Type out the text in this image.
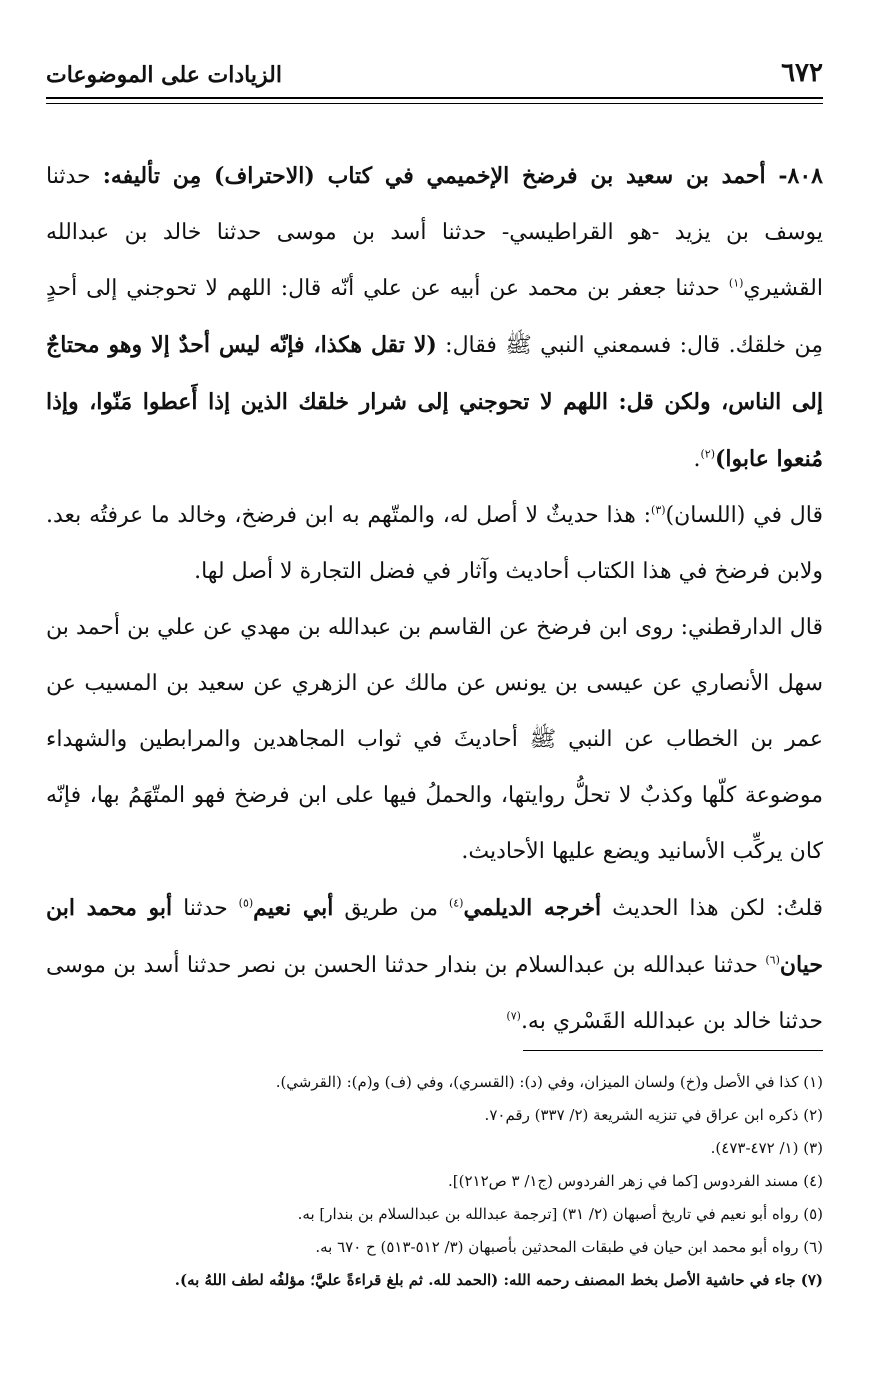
٦٧٢
الزيادات على الموضوعات

٨٠٨- أحمد بن سعيد بن فرضخ الإخميمي في كتاب (الاحتراف) مِن تأليفه: حدثنا يوسف بن يزيد -هو القراطيسي- حدثنا أسد بن موسى حدثنا خالد بن عبدالله القشيري$^{(١)}$ حدثنا جعفر بن محمد عن أبيه عن علي أنّه قال: اللهم لا تحوجني إلى أحدٍ مِن خلقك. قال: فسمعني النبي ﷺ فقال: (لا تقل هكذا، فإنّه ليس أحدٌ إلا وهو محتاجٌ إلى الناس، ولكن قل: اللهم لا تحوجني إلى شرار خلقك الذين إذا أَعطوا مَنّوا، وإذا مُنعوا عابوا)$^{(٢)}$.

قال في (اللسان)$^{(٣)}$: هذا حديثٌ لا أصل له، والمتّهم به ابن فرضخ، وخالد ما عرفتُه بعد. ولابن فرضخ في هذا الكتاب أحاديث وآثار في فضل التجارة لا أصل لها.

قال الدارقطني: روى ابن فرضخ عن القاسم بن عبدالله بن مهدي عن علي بن أحمد بن سهل الأنصاري عن عيسى بن يونس عن مالك عن الزهري عن سعيد بن المسيب عن عمر بن الخطاب عن النبي ﷺ أحاديثَ في ثواب المجاهدين والمرابطين والشهداء موضوعة كلّها وكذبٌ لا تحلُّ روايتها، والحملُ فيها على ابن فرضخ فهو المتّهَمُ بها، فإنّه كان يركِّب الأسانيد ويضع عليها الأحاديث.

قلتُ: لكن هذا الحديث أخرجه الديلمي$^{(٤)}$ من طريق أبي نعيم$^{(٥)}$ حدثنا أبو محمد ابن حيان$^{(٦)}$ حدثنا عبدالله بن عبدالسلام بن بندار حدثنا الحسن بن نصر حدثنا أسد بن موسى حدثنا خالد بن عبدالله القَسْري به.$^{(٧)}$

(١) كذا في الأصل و(خ) ولسان الميزان، وفي (د): (القسري)، وفي (ف) و(م): (القرشي).

(٢) ذكره ابن عراق في تنزيه الشريعة (٢/ ٣٣٧) رقم٧٠.

(٣) (١/ ٤٧٢-٤٧٣).

(٤) مسند الفردوس [كما في زهر الفردوس (ج١/ ٣ ص٢١٢)].

(٥) رواه أبو نعيم في تاريخ أصبهان (٢/ ٣١) [ترجمة عبدالله بن عبدالسلام بن بندار] به.

(٦) رواه أبو محمد ابن حيان في طبقات المحدثين بأصبهان (٣/ ٥١٢-٥١٣) ح ٦٧٠ به.

(٧) جاء في حاشية الأصل بخط المصنف رحمه الله: (الحمد لله. ثم بلغ قراءةً عليَّ؛ مؤلفُه لطف اللهُ به).
